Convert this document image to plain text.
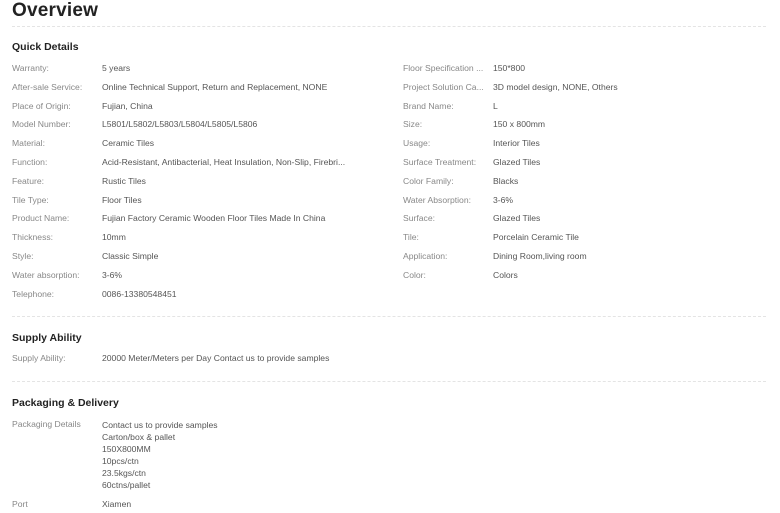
Overview
Quick Details
Warranty:	5 years
After-sale Service:	Online Technical Support, Return and Replacement, NONE
Place of Origin:	Fujian, China
Model Number:	L5801/L5802/L5803/L5804/L5805/L5806
Material:	Ceramic Tiles
Function:	Acid-Resistant, Antibacterial, Heat Insulation, Non-Slip, Firebri...
Feature:	Rustic Tiles
Tile Type:	Floor Tiles
Product Name:	Fujian Factory Ceramic Wooden Floor Tiles Made In China
Thickness:	10mm
Style:	Classic Simple
Water absorption:	3-6%
Telephone:	0086-13380548451
Floor Specification ...	150*800
Project Solution Ca...	3D model design, NONE, Others
Brand Name:	L
Size:	150 x 800mm
Usage:	Interior Tiles
Surface Treatment:	Glazed Tiles
Color Family:	Blacks
Water Absorption:	3-6%
Surface:	Glazed Tiles
Tile:	Porcelain Ceramic Tile
Application:	Dining Room,living room
Color:	Colors
Supply Ability
Supply Ability:	20000 Meter/Meters per Day Contact us to provide samples
Packaging & Delivery
Packaging Details	Contact us to provide samples
Carton/box & pallet
150X800MM
10pcs/ctn
23.5kgs/ctn
60ctns/pallet
Port	Xiamen
